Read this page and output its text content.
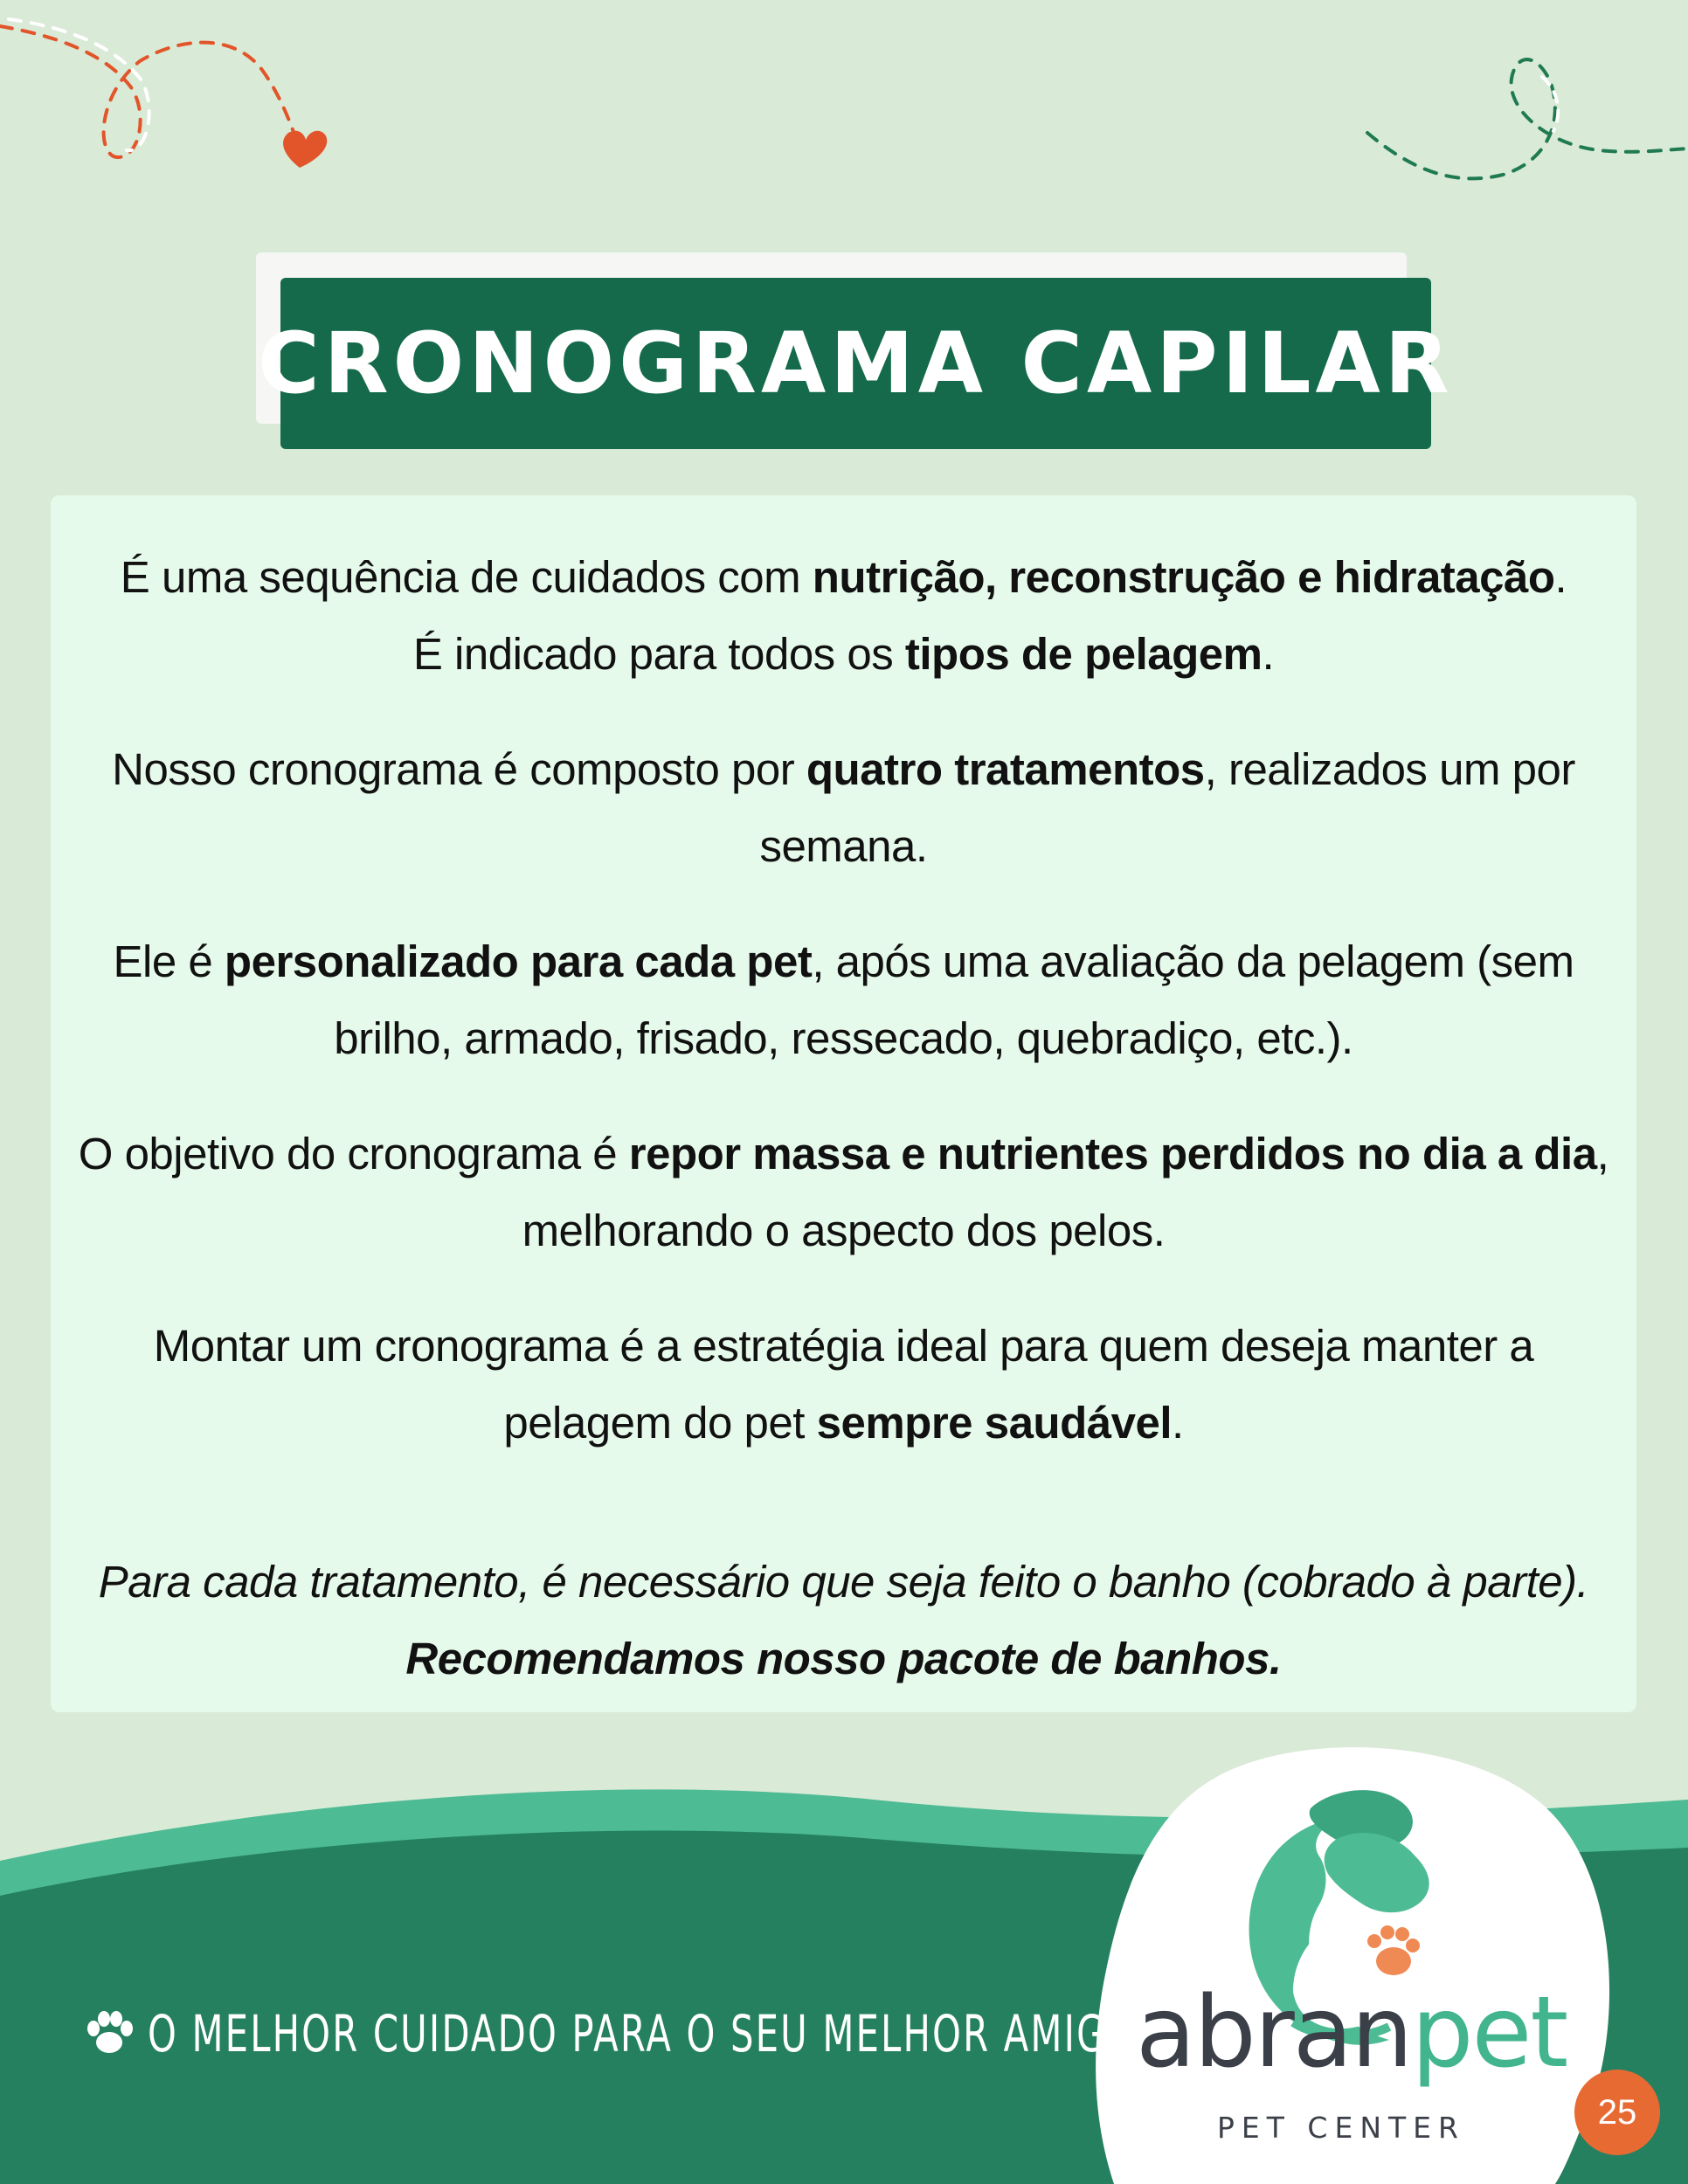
CRONOGRAMA CAPILAR

É uma sequência de cuidados com nutrição, reconstrução e hidratação.
É indicado para todos os tipos de pelagem.

Nosso cronograma é composto por quatro tratamentos, realizados um por semana.

Ele é personalizado para cada pet, após uma avaliação da pelagem (sem brilho, armado, frisado, ressecado, quebradiço, etc.).

O objetivo do cronograma é repor massa e nutrientes perdidos no dia a dia, melhorando o aspecto dos pelos.

Montar um cronograma é a estratégia ideal para quem deseja manter a pelagem do pet sempre saudável.

Para cada tratamento, é necessário que seja feito o banho (cobrado à parte).
Recomendamos nosso pacote de banhos.

O MELHOR CUIDADO PARA O SEU MELHOR AMIGO!
abranpet
PET CENTER	25
